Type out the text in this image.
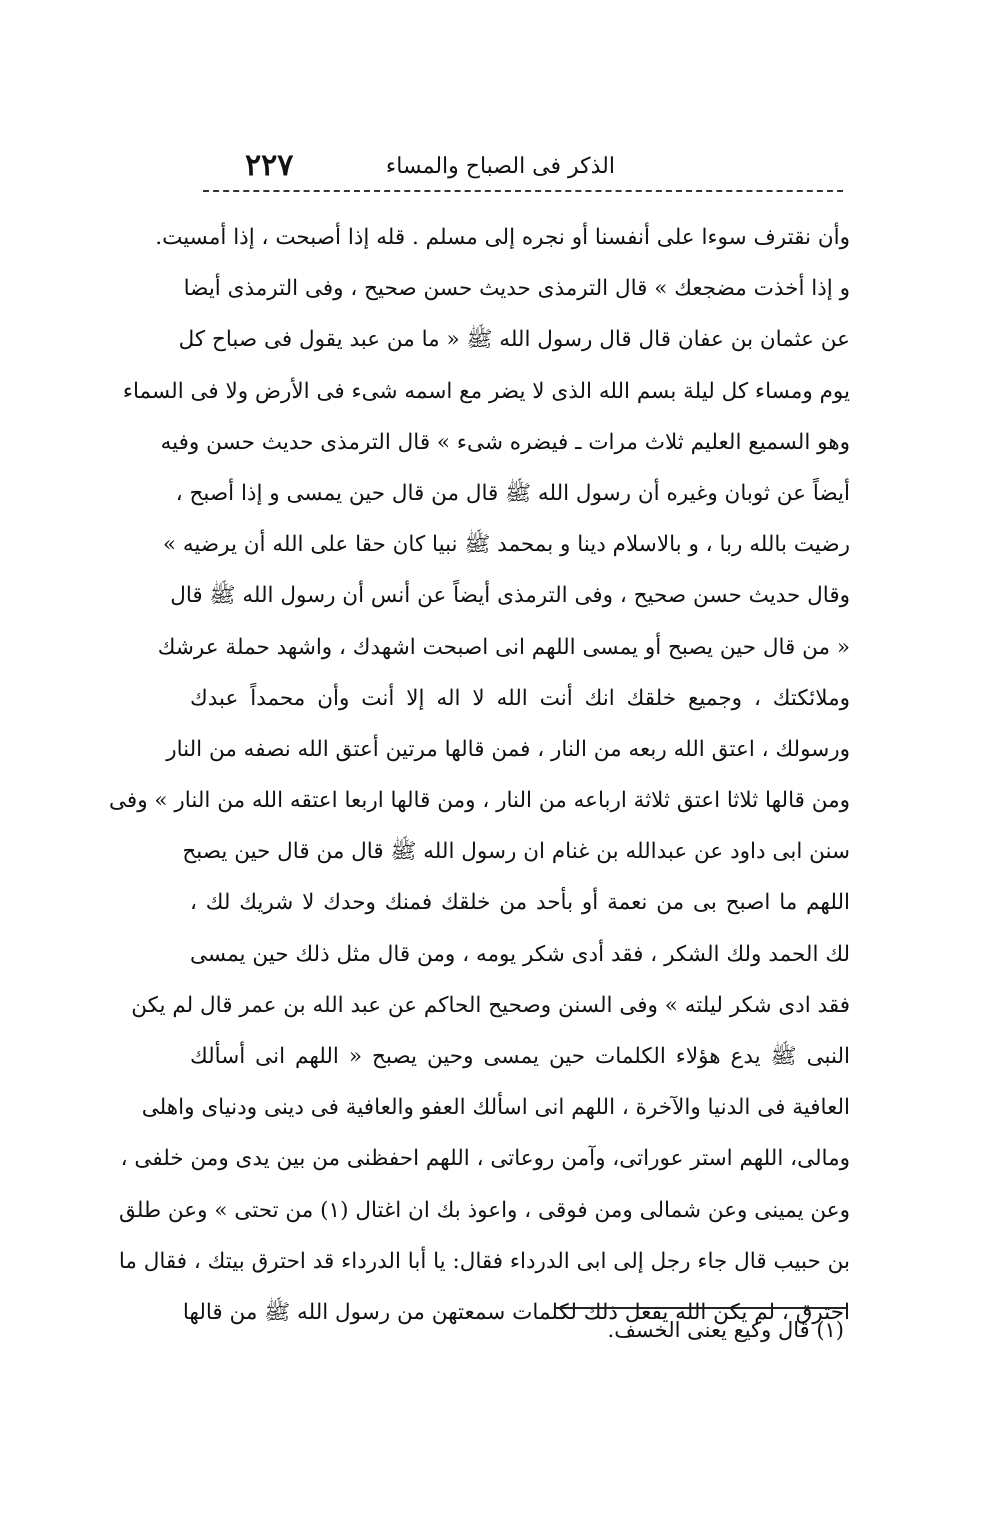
٢٢٧	الذكر فى الصباح والمساء
وأن نقترف سوءا على أنفسنا أو نجره إلى مسلم . قله إذا أصبحت ، إذا أمسيت.
و إذا أخذت مضجعك » قال الترمذى حديث حسن صحيح ، وفى الترمذى أيضا
عن عثمان بن عفان قال قال رسول الله ﷺ « ما من عبد يقول فى صباح كل
يوم ومساء كل ليلة بسم الله الذى لا يضر مع اسمه شىء فى الأرض ولا فى السماء
وهو السميع العليم ثلاث مرات ـ فيضره شىء » قال الترمذى حديث حسن وفيه
أيضاً عن ثوبان وغيره أن رسول الله ﷺ قال من قال حين يمسى و إذا أصبح ،
رضيت بالله ربا ، و بالاسلام دينا و بمحمد ﷺ نبيا كان حقا على الله أن يرضيه »
وقال حديث حسن صحيح ، وفى الترمذى أيضاً عن أنس أن رسول الله ﷺ قال
« من قال حين يصبح أو يمسى اللهم انى اصبحت اشهدك ، واشهد حملة عرشك
وملائكتك ، وجميع خلقك انك أنت الله لا اله إلا أنت وأن محمداً عبدك
ورسولك ، اعتق الله ربعه من النار ، فمن قالها مرتين أعتق الله نصفه من النار
ومن قالها ثلاثا اعتق ثلاثة ارباعه من النار ، ومن قالها اربعا اعتقه الله من النار » وفى
سنن ابى داود عن عبدالله بن غنام ان رسول الله ﷺ قال من قال حين يصبح
اللهم ما اصبح بى من نعمة أو بأحد من خلقك فمنك وحدك لا شريك لك ،
لك الحمد ولك الشكر ، فقد أدى شكر يومه ، ومن قال مثل ذلك حين يمسى
فقد ادى شكر ليلته » وفى السنن وصحيح الحاكم عن عبد الله بن عمر قال لم يكن
النبى ﷺ يدع هؤلاء الكلمات حين يمسى وحين يصبح « اللهم انى أسألك
العافية فى الدنيا والآخرة ، اللهم انى اسألك العفو والعافية فى دينى ودنياى واهلى
ومالى، اللهم استر عوراتى، وآمن روعاتى ، اللهم احفظنى من بين يدى ومن خلفى ،
وعن يمينى وعن شمالى ومن فوقى ، واعوذ بك ان اغتال (١) من تحتى » وعن طلق
بن حبيب قال جاء رجل إلى ابى الدرداء فقال: يا أبا الدرداء قد احترق بيتك ، فقال ما
احترق ، لم يكن الله يفعل ذلك لكلمات سمعتهن من رسول الله ﷺ من قالها
(١) قال وكيع يعنى الخسف.
